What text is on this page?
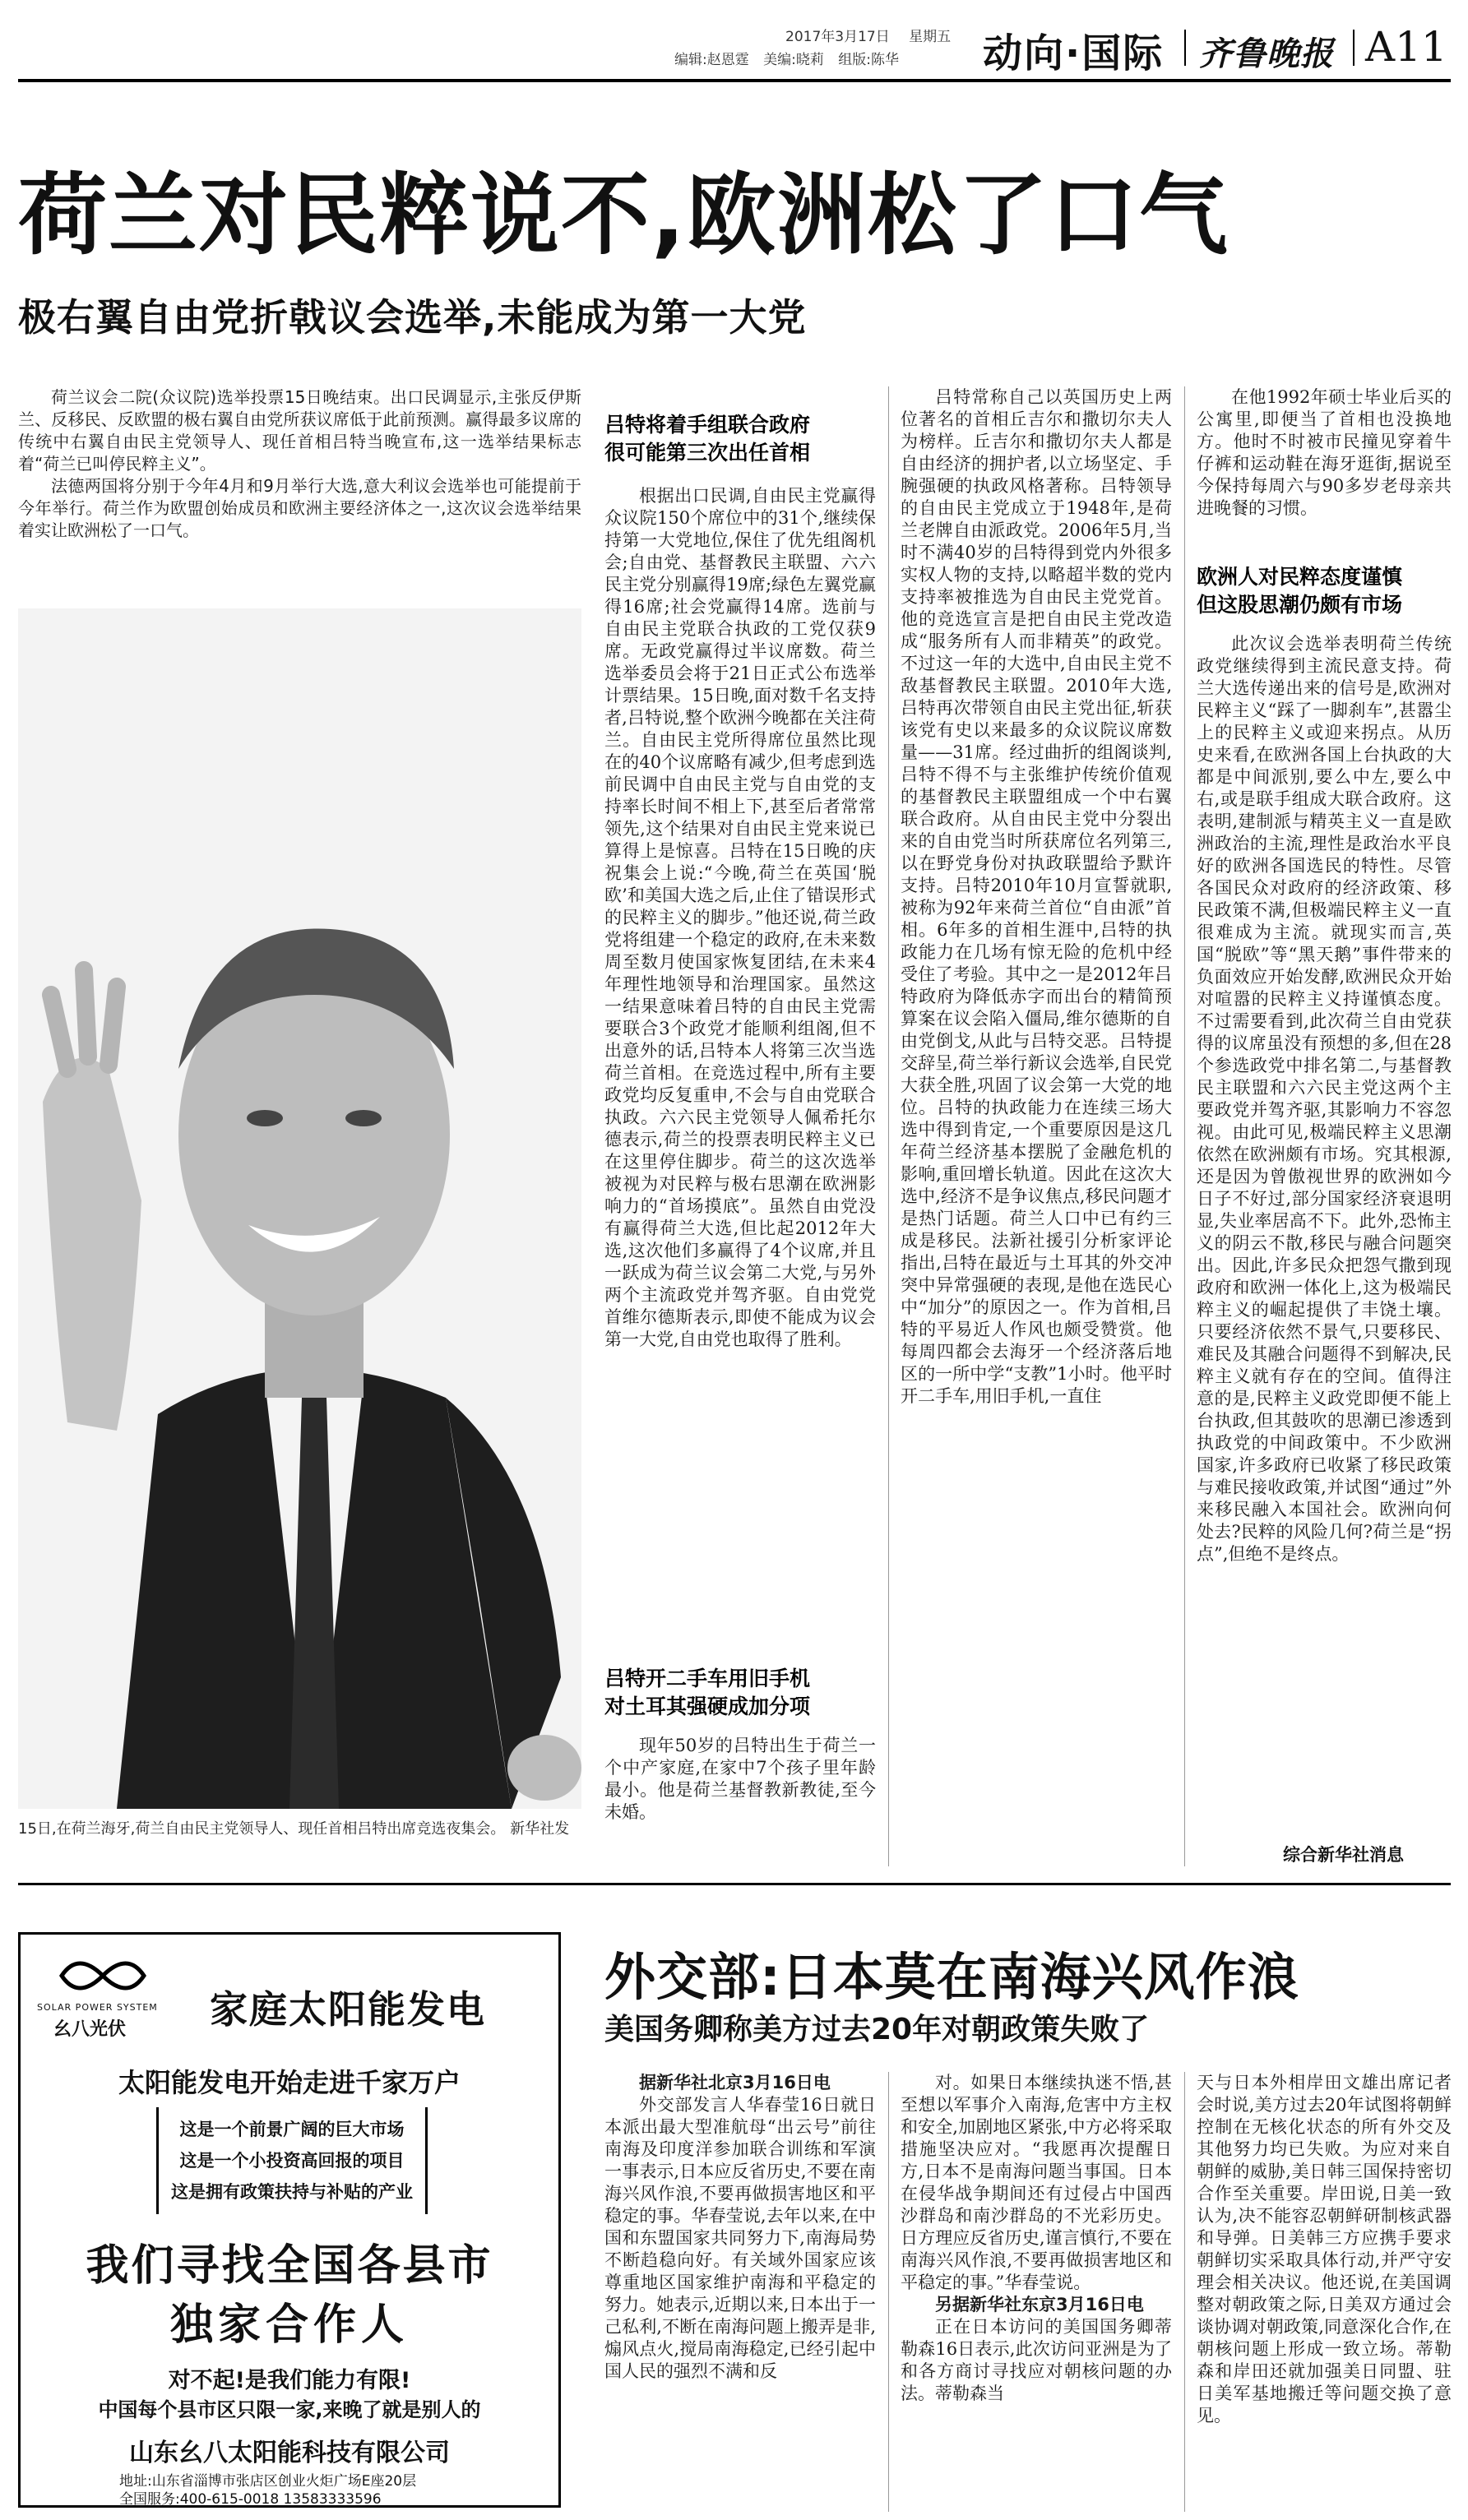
2017年3月17日 星期五
编辑:赵恩霆 美编:晓莉 组版:陈华 动向·国际 齐鲁晚报 A11
荷兰对民粹说不,欧洲松了口气
极右翼自由党折戟议会选举,未能成为第一大党

荷兰议会二院(众议院)选举投票15日晚结束。出口民调显示,主张反伊斯兰、反移民、反欧盟的极右翼自由党所获议席低于此前预测。赢得最多议席的传统中右翼自由民主党领导人、现任首相吕特当晚宣布,这一选举结果标志着“荷兰已叫停民粹主义”。

法德两国将分别于今年4月和9月举行大选,意大利议会选举也可能提前于今年举行。荷兰作为欧盟创始成员和欧洲主要经济体之一,这次议会选举结果着实让欧洲松了一口气。

15日,在荷兰海牙,荷兰自由民主党领导人、现任首相吕特出席竞选夜集会。 新华社发
吕特将着手组联合政府
很可能第三次出任首相

根据出口民调,自由民主党赢得众议院150个席位中的31个,继续保持第一大党地位,保住了优先组阁机会;自由党、基督教民主联盟、六六民主党分别赢得19席;绿色左翼党赢得16席;社会党赢得14席。选前与自由民主党联合执政的工党仅获9席。无政党赢得过半议席数。荷兰选举委员会将于21日正式公布选举计票结果。15日晚,面对数千名支持者,吕特说,整个欧洲今晚都在关注荷兰。自由民主党所得席位虽然比现在的40个议席略有减少,但考虑到选前民调中自由民主党与自由党的支持率长时间不相上下,甚至后者常常领先,这个结果对自由民主党来说已算得上是惊喜。吕特在15日晚的庆祝集会上说:“今晚,荷兰在英国‘脱欧’和美国大选之后,止住了错误形式的民粹主义的脚步。”他还说,荷兰政党将组建一个稳定的政府,在未来数周至数月使国家恢复团结,在未来4年理性地领导和治理国家。虽然这一结果意味着吕特的自由民主党需要联合3个政党才能顺利组阁,但不出意外的话,吕特本人将第三次当选荷兰首相。在竞选过程中,所有主要政党均反复重申,不会与自由党联合执政。六六民主党领导人佩希托尔德表示,荷兰的投票表明民粹主义已在这里停住脚步。荷兰的这次选举被视为对民粹与极右思潮在欧洲影响力的“首场摸底”。虽然自由党没有赢得荷兰大选,但比起2012年大选,这次他们多赢得了4个议席,并且一跃成为荷兰议会第二大党,与另外两个主流政党并驾齐驱。自由党党首维尔德斯表示,即使不能成为议会第一大党,自由党也取得了胜利。

吕特开二手车用旧手机
对土耳其强硬成加分项

现年50岁的吕特出生于荷兰一个中产家庭,在家中7个孩子里年龄最小。他是荷兰基督教新教徒,至今未婚。

吕特常称自己以英国历史上两位著名的首相丘吉尔和撒切尔夫人为榜样。丘吉尔和撒切尔夫人都是自由经济的拥护者,以立场坚定、手腕强硬的执政风格著称。吕特领导的自由民主党成立于1948年,是荷兰老牌自由派政党。2006年5月,当时不满40岁的吕特得到党内外很多实权人物的支持,以略超半数的党内支持率被推选为自由民主党党首。他的竞选宣言是把自由民主党改造成“服务所有人而非精英”的政党。不过这一年的大选中,自由民主党不敌基督教民主联盟。2010年大选,吕特再次带领自由民主党出征,斩获该党有史以来最多的众议院议席数量——31席。经过曲折的组阁谈判,吕特不得不与主张维护传统价值观的基督教民主联盟组成一个中右翼联合政府。从自由民主党中分裂出来的自由党当时所获席位名列第三,以在野党身份对执政联盟给予默许支持。吕特2010年10月宣誓就职,被称为92年来荷兰首位“自由派”首相。6年多的首相生涯中,吕特的执政能力在几场有惊无险的危机中经受住了考验。其中之一是2012年吕特政府为降低赤字而出台的精简预算案在议会陷入僵局,维尔德斯的自由党倒戈,从此与吕特交恶。吕特提交辞呈,荷兰举行新议会选举,自民党大获全胜,巩固了议会第一大党的地位。吕特的执政能力在连续三场大选中得到肯定,一个重要原因是这几年荷兰经济基本摆脱了金融危机的影响,重回增长轨道。因此在这次大选中,经济不是争议焦点,移民问题才是热门话题。荷兰人口中已有约三成是移民。法新社援引分析家评论指出,吕特在最近与土耳其的外交冲突中异常强硬的表现,是他在选民心中“加分”的原因之一。作为首相,吕特的平易近人作风也颇受赞赏。他每周四都会去海牙一个经济落后地区的一所中学“支教”1小时。他平时开二手车,用旧手机,一直住

在他1992年硕士毕业后买的公寓里,即便当了首相也没换地方。他时不时被市民撞见穿着牛仔裤和运动鞋在海牙逛街,据说至今保持每周六与90多岁老母亲共进晚餐的习惯。

欧洲人对民粹态度谨慎
但这股思潮仍颇有市场

此次议会选举表明荷兰传统政党继续得到主流民意支持。荷兰大选传递出来的信号是,欧洲对民粹主义“踩了一脚刹车”,甚嚣尘上的民粹主义或迎来拐点。从历史来看,在欧洲各国上台执政的大都是中间派别,要么中左,要么中右,或是联手组成大联合政府。这表明,建制派与精英主义一直是欧洲政治的主流,理性是政治水平良好的欧洲各国选民的特性。尽管各国民众对政府的经济政策、移民政策不满,但极端民粹主义一直很难成为主流。就现实而言,英国“脱欧”等“黑天鹅”事件带来的负面效应开始发酵,欧洲民众开始对喧嚣的民粹主义持谨慎态度。不过需要看到,此次荷兰自由党获得的议席虽没有预想的多,但在28个参选政党中排名第二,与基督教民主联盟和六六民主党这两个主要政党并驾齐驱,其影响力不容忽视。由此可见,极端民粹主义思潮依然在欧洲颇有市场。究其根源,还是因为曾傲视世界的欧洲如今日子不好过,部分国家经济衰退明显,失业率居高不下。此外,恐怖主义的阴云不散,移民与融合问题突出。因此,许多民众把怨气撒到现政府和欧洲一体化上,这为极端民粹主义的崛起提供了丰饶土壤。只要经济依然不景气,只要移民、难民及其融合问题得不到解决,民粹主义就有存在的空间。值得注意的是,民粹主义政党即便不能上台执政,但其鼓吹的思潮已渗透到执政党的中间政策中。不少欧洲国家,许多政府已收紧了移民政策与难民接收政策,并试图“通过”外来移民融入本国社会。欧洲向何处去?民粹的风险几何?荷兰是“拐点”,但绝不是终点。

综合新华社消息
SOLAR POWER SYSTEM
幺八光伏 家庭太阳能发电
太阳能发电开始走进千家万户
这是一个前景广阔的巨大市场
这是一个小投资高回报的项目
这是拥有政策扶持与补贴的产业
我们寻找全国各县市
独家合作人
对不起!是我们能力有限!
中国每个县市区只限一家,来晚了就是别人的
山东幺八太阳能科技有限公司
地址:山东省淄博市张店区创业火炬广场E座20层
全国服务:400-615-0018 13583333596
外交部:日本莫在南海兴风作浪
美国务卿称美方过去20年对朝政策失败了
据新华社北京3月16日电

外交部发言人华春莹16日就日本派出最大型准航母“出云号”前往南海及印度洋参加联合训练和军演一事表示,日本应反省历史,不要在南海兴风作浪,不要再做损害地区和平稳定的事。华春莹说,去年以来,在中国和东盟国家共同努力下,南海局势不断趋稳向好。有关域外国家应该尊重地区国家维护南海和平稳定的努力。她表示,近期以来,日本出于一己私利,不断在南海问题上搬弄是非,煽风点火,搅局南海稳定,已经引起中国人民的强烈不满和反

对。如果日本继续执迷不悟,甚至想以军事介入南海,危害中方主权和安全,加剧地区紧张,中方必将采取措施坚决应对。“我愿再次提醒日方,日本不是南海问题当事国。日本在侵华战争期间还有过侵占中国西沙群岛和南沙群岛的不光彩历史。日方理应反省历史,谨言慎行,不要在南海兴风作浪,不要再做损害地区和平稳定的事。”华春莹说。

另据新华社东京3月16日电

正在日本访问的美国国务卿蒂勒森16日表示,此次访问亚洲是为了和各方商讨寻找应对朝核问题的办法。蒂勒森当

天与日本外相岸田文雄出席记者会时说,美方过去20年试图将朝鲜控制在无核化状态的所有外交及其他努力均已失败。为应对来自朝鲜的威胁,美日韩三国保持密切合作至关重要。岸田说,日美一致认为,决不能容忍朝鲜研制核武器和导弹。日美韩三方应携手要求朝鲜切实采取具体行动,并严守安理会相关决议。他还说,在美国调整对朝政策之际,日美双方通过会谈协调对朝政策,同意深化合作,在朝核问题上形成一致立场。蒂勒森和岸田还就加强美日同盟、驻日美军基地搬迁等问题交换了意见。
